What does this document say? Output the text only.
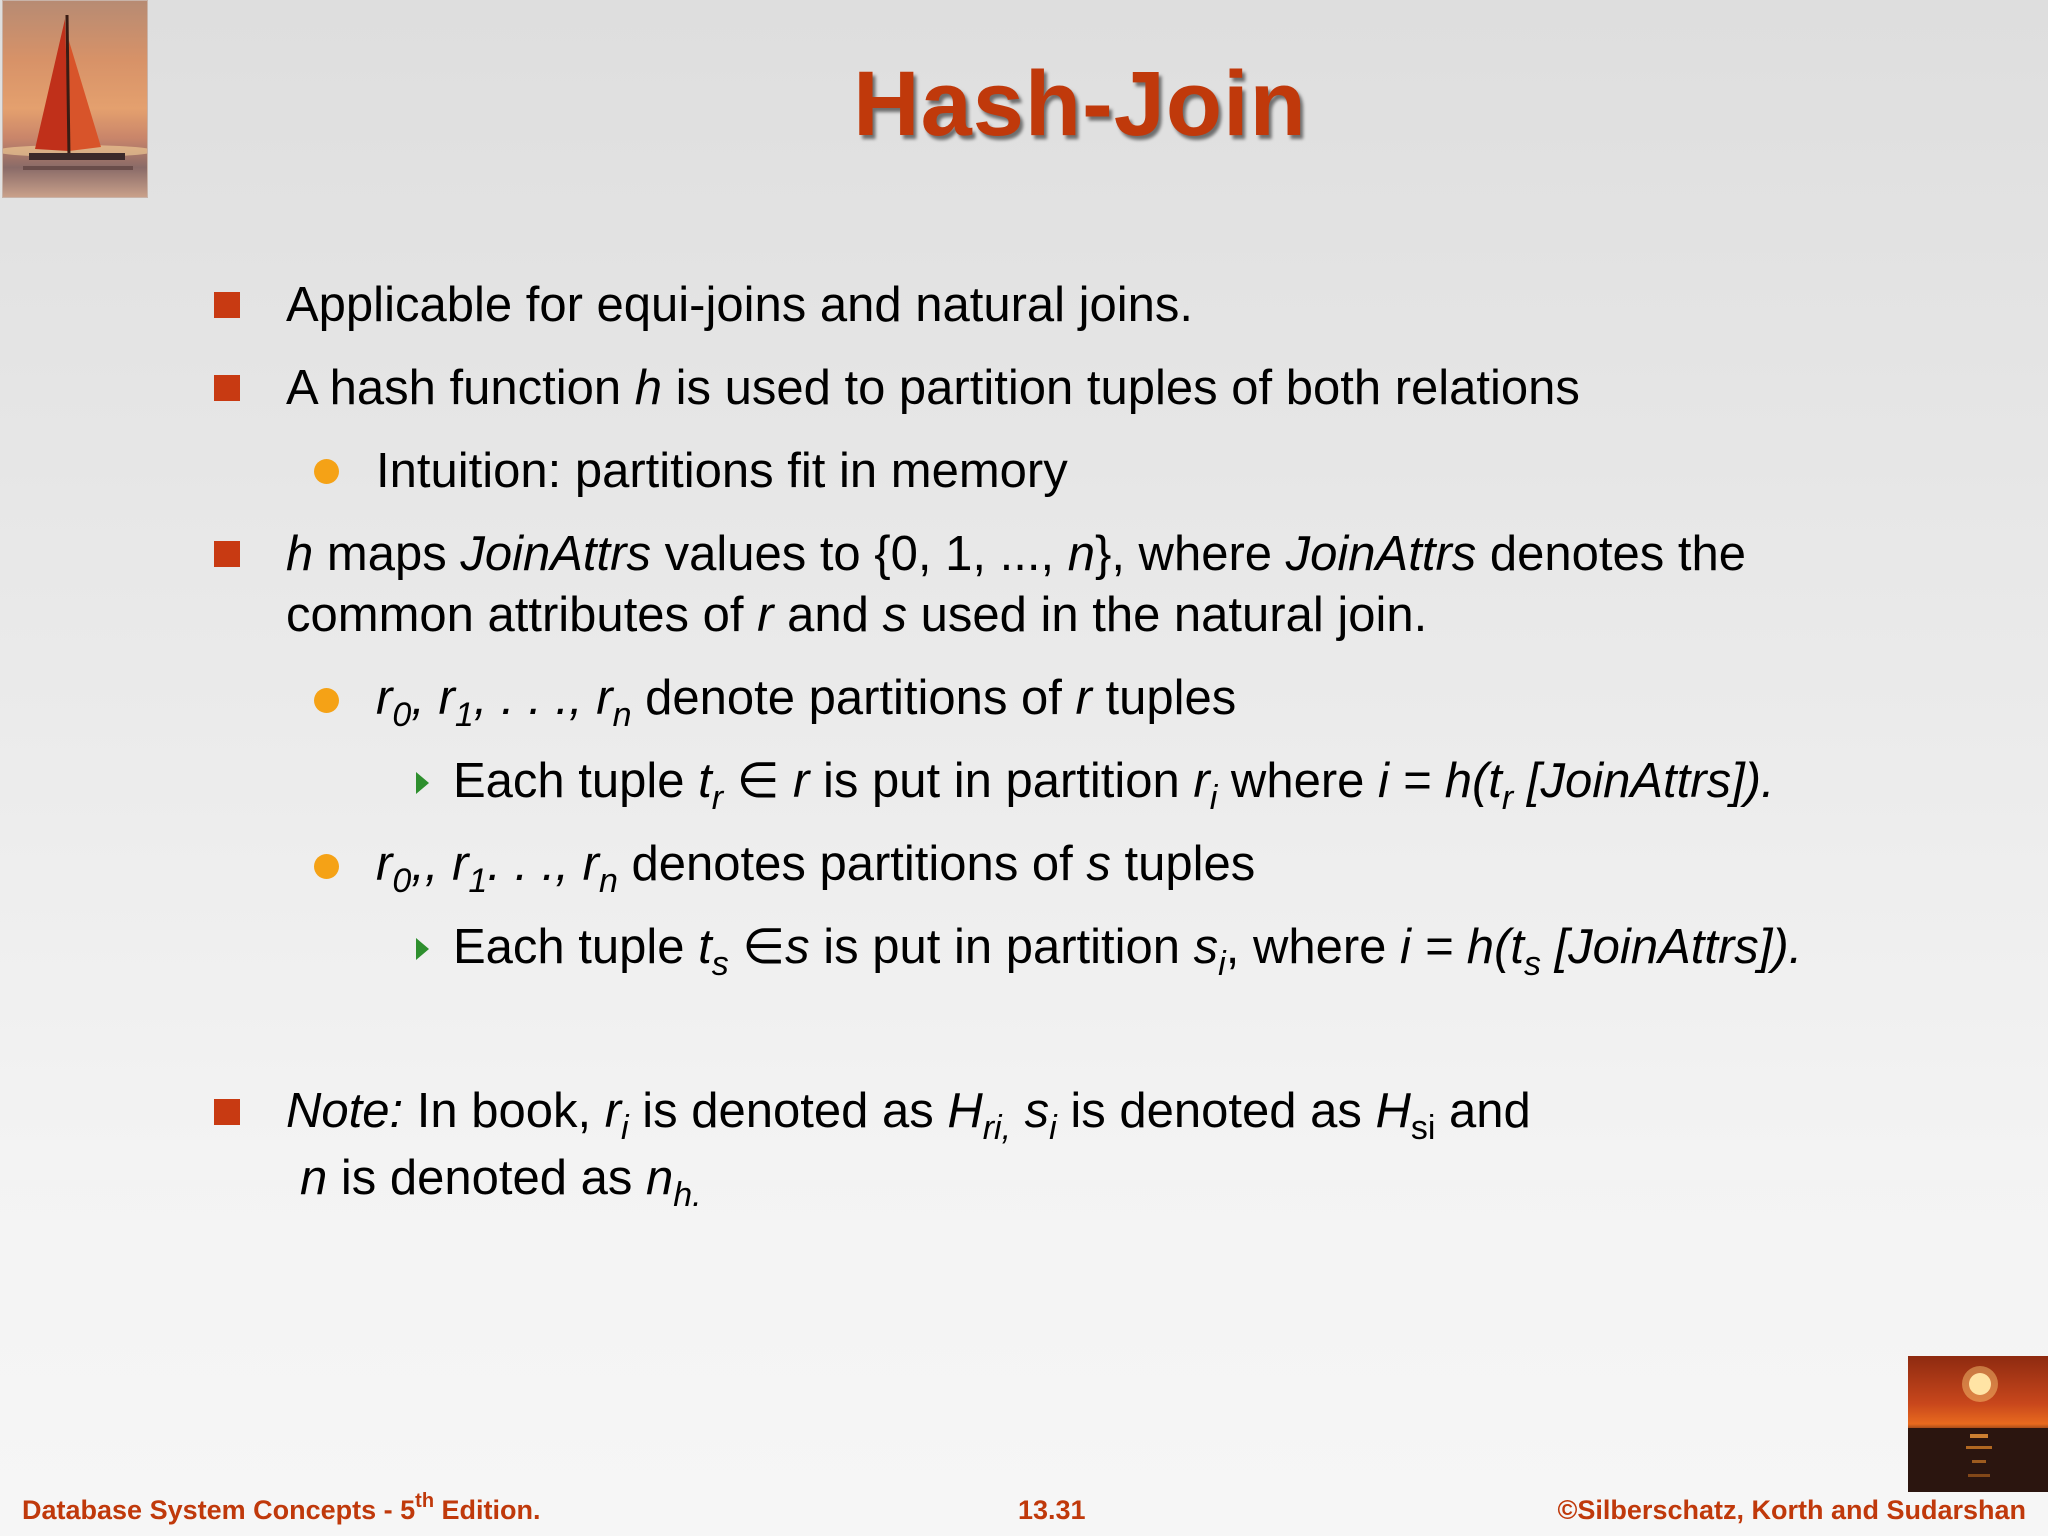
Hash-Join
Applicable for equi-joins and natural joins.
A hash function h is used to partition tuples of both relations
Intuition: partitions fit in memory
h maps JoinAttrs values to {0, 1, ..., n}, where JoinAttrs denotes the
common attributes of r and s used in the natural join.
$r_0$, $r_1$, . . ., $r_n$ denote partitions of r tuples
Each tuple $t_r$ ∈ r is put in partition $r_i$ where $i = h(t_r$ [JoinAttrs]).
$r_0$,, $r_1$. . ., $r_n$ denotes partitions of s tuples
Each tuple $t_s$ ∈s is put in partition $s_i$, where $i = h(t_s$ [JoinAttrs]).
Note: In book, $r_i$ is denoted as $H_{ri,}$ $s_i$ is denoted as $H_{si}$ and
n is denoted as $n_{h.}$
Database System Concepts - 5th Edition.	13.31	©Silberschatz, Korth and Sudarshan
